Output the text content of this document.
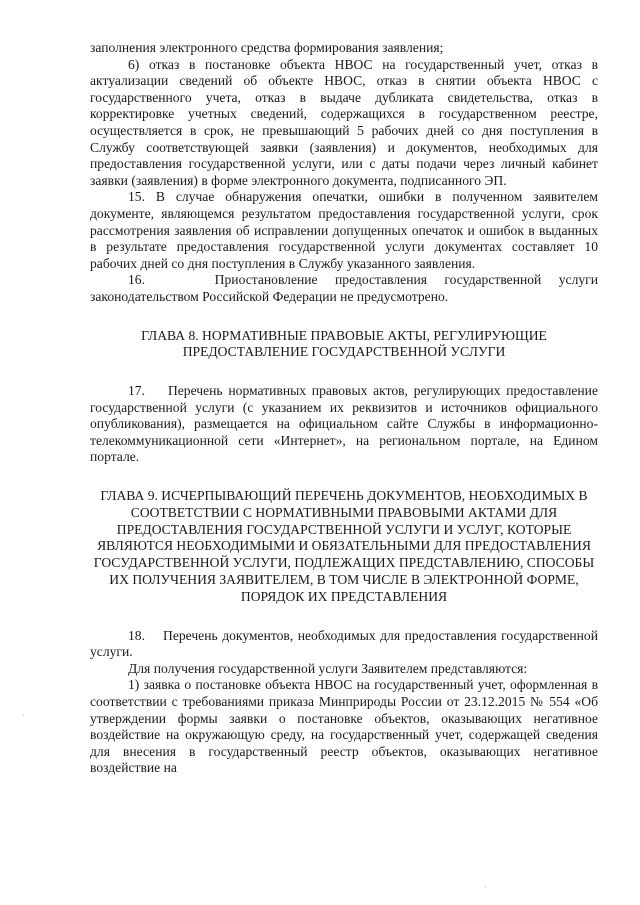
заполнения электронного средства формирования заявления;

6) отказ в постановке объекта НВОС на государственный учет, отказ в актуализации сведений об объекте НВОС, отказ в снятии объекта НВОС с государственного учета, отказ в выдаче дубликата свидетельства, отказ в корректировке учетных сведений, содержащихся в государственном реестре, осуществляется в срок, не превышающий 5 рабочих дней со дня поступления в Службу соответствующей заявки (заявления) и документов, необходимых для предоставления государственной услуги, или с даты подачи через личный кабинет заявки (заявления) в форме электронного документа, подписанного ЭП.

15. В случае обнаружения опечатки, ошибки в полученном заявителем документе, являющемся результатом предоставления государственной услуги, срок рассмотрения заявления об исправлении допущенных опечаток и ошибок в выданных в результате предоставления государственной услуги документах составляет 10 рабочих дней со дня поступления в Службу указанного заявления.

16.    Приостановление предоставления государственной услуги законодательством Российской Федерации не предусмотрено.

ГЛАВА 8. НОРМАТИВНЫЕ ПРАВОВЫЕ АКТЫ, РЕГУЛИРУЮЩИЕ ПРЕДОСТАВЛЕНИЕ ГОСУДАРСТВЕННОЙ УСЛУГИ

17.    Перечень нормативных правовых актов, регулирующих предоставление государственной услуги (с указанием их реквизитов и источников официального опубликования), размещается на официальном сайте Службы в информационно-телекоммуникационной сети «Интернет», на региональном портале, на Едином портале.

ГЛАВА 9. ИСЧЕРПЫВАЮЩИЙ ПЕРЕЧЕНЬ ДОКУМЕНТОВ, НЕОБХОДИМЫХ В СООТВЕТСТВИИ С НОРМАТИВНЫМИ ПРАВОВЫМИ АКТАМИ ДЛЯ ПРЕДОСТАВЛЕНИЯ ГОСУДАРСТВЕННОЙ УСЛУГИ И УСЛУГ, КОТОРЫЕ ЯВЛЯЮТСЯ НЕОБХОДИМЫМИ И ОБЯЗАТЕЛЬНЫМИ ДЛЯ ПРЕДОСТАВЛЕНИЯ ГОСУДАРСТВЕННОЙ УСЛУГИ, ПОДЛЕЖАЩИХ ПРЕДСТАВЛЕНИЮ, СПОСОБЫ ИХ ПОЛУЧЕНИЯ ЗАЯВИТЕЛЕМ, В ТОМ ЧИСЛЕ В ЭЛЕКТРОННОЙ ФОРМЕ, ПОРЯДОК ИХ ПРЕДСТАВЛЕНИЯ

18.    Перечень документов, необходимых для предоставления государственной услуги.

Для получения государственной услуги Заявителем представляются:

1) заявка о постановке объекта НВОС на государственный учет, оформленная в соответствии с требованиями приказа Минприроды России от 23.12.2015 № 554 «Об утверждении формы заявки о постановке объектов, оказывающих негативное воздействие на окружающую среду, на государственный учет, содержащей сведения для внесения в государственный реестр объектов, оказывающих негативное воздействие на

·
·
